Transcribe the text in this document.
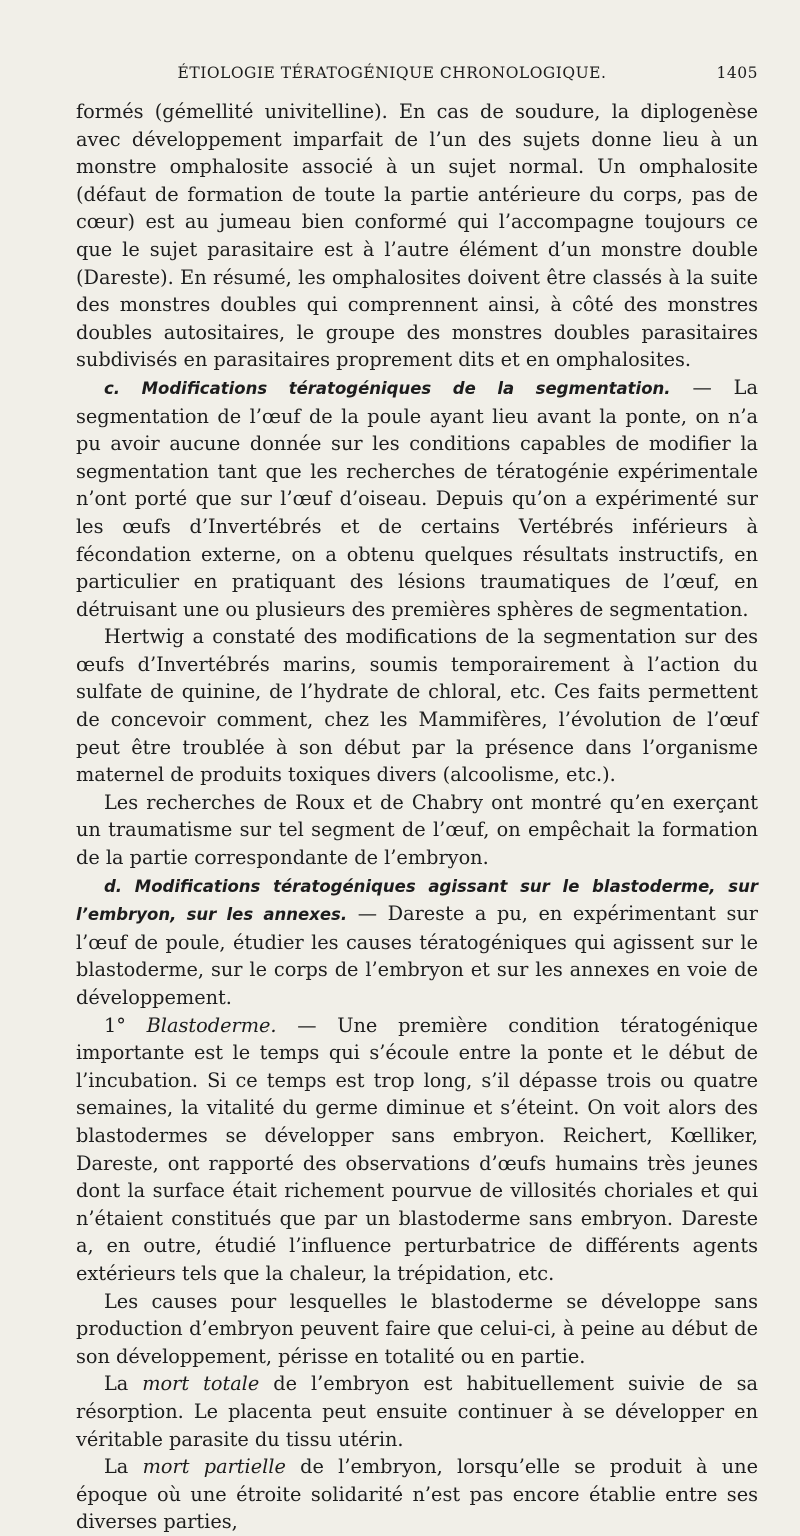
ÉTIOLOGIE TÉRATOGÉNIQUE CHRONOLOGIQUE.	1405

formés (gémellité univitelline). En cas de soudure, la diplogenèse avec développement imparfait de l’un des sujets donne lieu à un monstre omphalosite associé à un sujet normal. Un omphalosite (défaut de formation de toute la partie antérieure du corps, pas de cœur) est au jumeau bien conformé qui l’accompagne toujours ce que le sujet parasitaire est à l’autre élément d’un monstre double (Dareste). En résumé, les omphalosites doivent être classés à la suite des monstres doubles qui comprennent ainsi, à côté des monstres doubles autositaires, le groupe des monstres doubles parasitaires subdivisés en parasitaires proprement dits et en omphalosites.

c. Modifications tératogéniques de la segmentation. — La segmentation de l’œuf de la poule ayant lieu avant la ponte, on n’a pu avoir aucune donnée sur les conditions capables de modifier la segmentation tant que les recherches de tératogénie expérimentale n’ont porté que sur l’œuf d’oiseau. Depuis qu’on a expérimenté sur les œufs d’Invertébrés et de certains Vertébrés inférieurs à fécondation externe, on a obtenu quelques résultats instructifs, en particulier en pratiquant des lésions traumatiques de l’œuf, en détruisant une ou plusieurs des premières sphères de segmentation.

Hertwig a constaté des modifications de la segmentation sur des œufs d’Invertébrés marins, soumis temporairement à l’action du sulfate de quinine, de l’hydrate de chloral, etc. Ces faits permettent de concevoir comment, chez les Mammifères, l’évolution de l’œuf peut être troublée à son début par la présence dans l’organisme maternel de produits toxiques divers (alcoolisme, etc.).

Les recherches de Roux et de Chabry ont montré qu’en exerçant un traumatisme sur tel segment de l’œuf, on empêchait la formation de la partie correspondante de l’embryon.

d. Modifications tératogéniques agissant sur le blastoderme, sur l’embryon, sur les annexes. — Dareste a pu, en expérimentant sur l’œuf de poule, étudier les causes tératogéniques qui agissent sur le blastoderme, sur le corps de l’embryon et sur les annexes en voie de développement.

1° Blastoderme. — Une première condition tératogénique importante est le temps qui s’écoule entre la ponte et le début de l’incubation. Si ce temps est trop long, s’il dépasse trois ou quatre semaines, la vitalité du germe diminue et s’éteint. On voit alors des blastodermes se développer sans embryon. Reichert, Kœlliker, Dareste, ont rapporté des observations d’œufs humains très jeunes dont la surface était richement pourvue de villosités choriales et qui n’étaient constitués que par un blastoderme sans embryon. Dareste a, en outre, étudié l’influence perturbatrice de différents agents extérieurs tels que la chaleur, la trépidation, etc.

Les causes pour lesquelles le blastoderme se développe sans production d’embryon peuvent faire que celui-ci, à peine au début de son développement, périsse en totalité ou en partie.

La mort totale de l’embryon est habituellement suivie de sa résorption. Le placenta peut ensuite continuer à se développer en véritable parasite du tissu utérin.

La mort partielle de l’embryon, lorsqu’elle se produit à une époque où une étroite solidarité n’est pas encore établie entre ses diverses parties,
